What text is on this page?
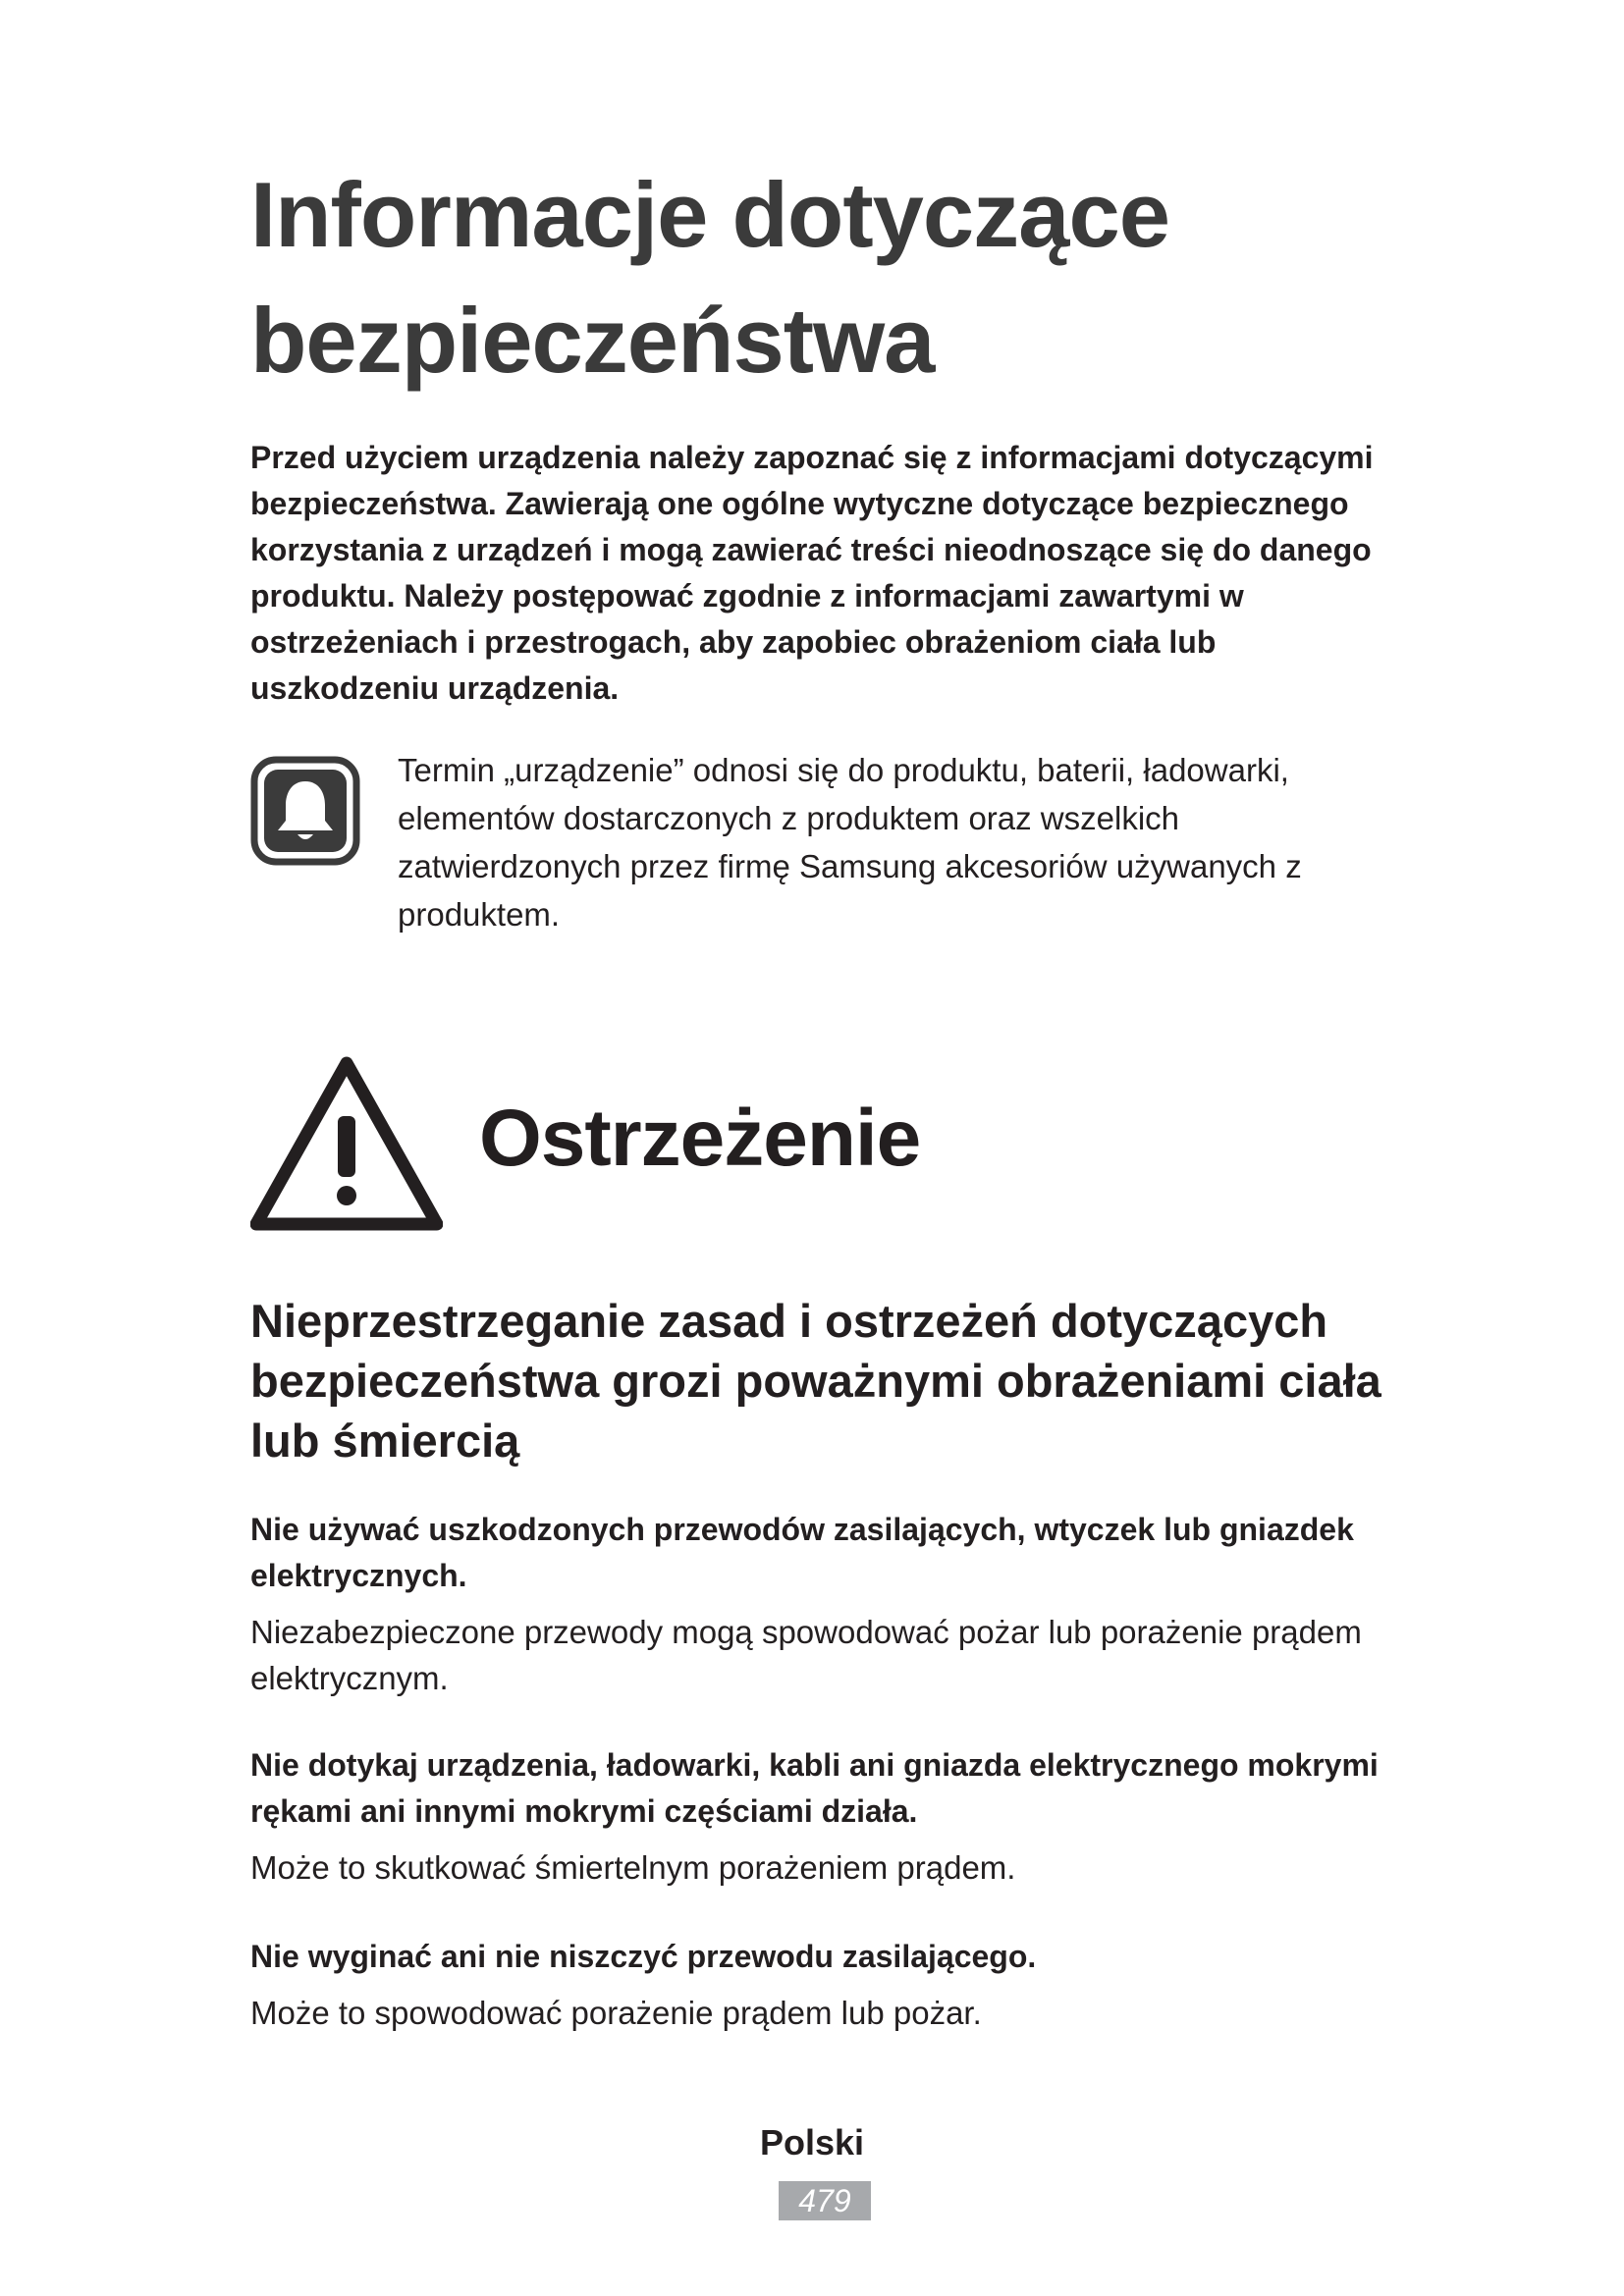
Informacje dotyczące
bezpieczeństwa

Przed użyciem urządzenia należy zapoznać się z informacjami dotyczącymi bezpieczeństwa. Zawierają one ogólne wytyczne dotyczące bezpiecznego korzystania z urządzeń i mogą zawierać treści nieodnoszące się do danego produktu. Należy postępować zgodnie z informacjami zawartymi w ostrzeżeniach i przestrogach, aby zapobiec obrażeniom ciała lub uszkodzeniu urządzenia.

Termin „urządzenie” odnosi się do produktu, baterii, ładowarki, elementów dostarczonych z produktem oraz wszelkich zatwierdzonych przez firmę Samsung akcesoriów używanych z produktem.

Ostrzeżenie
Nieprzestrzeganie zasad i ostrzeżeń dotyczących bezpieczeństwa grozi poważnymi obrażeniami ciała lub śmiercią

Nie używać uszkodzonych przewodów zasilających, wtyczek lub gniazdek elektrycznych.

Niezabezpieczone przewody mogą spowodować pożar lub porażenie prądem elektrycznym.

Nie dotykaj urządzenia, ładowarki, kabli ani gniazda elektrycznego mokrymi rękami ani innymi mokrymi częściami działa.

Może to skutkować śmiertelnym porażeniem prądem.

Nie wyginać ani nie niszczyć przewodu zasilającego.

Może to spowodować porażenie prądem lub pożar.

Polski

479
